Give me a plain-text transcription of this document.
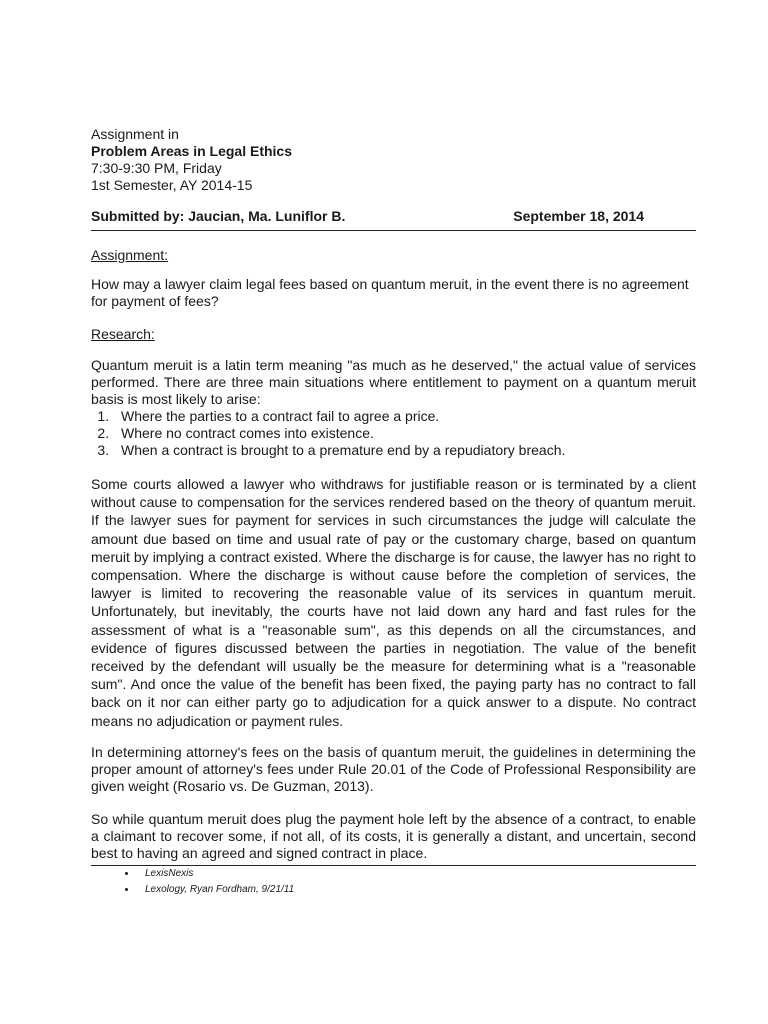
Assignment in
Problem Areas in Legal Ethics
7:30-9:30 PM, Friday
1st Semester, AY 2014-15
Submitted by: Jaucian, Ma. Luniflor B.	September 18, 2014
Assignment:

How may a lawyer claim legal fees based on quantum meruit, in the event there is no agreement for payment of fees?

Research:

Quantum meruit is a latin term meaning "as much as he deserved," the actual value of services performed. There are three main situations where entitlement to payment on a quantum meruit basis is most likely to arise:

1. Where the parties to a contract fail to agree a price.
2. Where no contract comes into existence.
3. When a contract is brought to a premature end by a repudiatory breach.

Some courts allowed a lawyer who withdraws for justifiable reason or is terminated by a client without cause to compensation for the services rendered based on the theory of quantum meruit. If the lawyer sues for payment for services in such circumstances the judge will calculate the amount due based on time and usual rate of pay or the customary charge, based on quantum meruit by implying a contract existed. Where the discharge is for cause, the lawyer has no right to compensation. Where the discharge is without cause before the completion of services, the lawyer is limited to recovering the reasonable value of its services in quantum meruit. Unfortunately, but inevitably, the courts have not laid down any hard and fast rules for the assessment of what is a "reasonable sum", as this depends on all the circumstances, and evidence of figures discussed between the parties in negotiation. The value of the benefit received by the defendant will usually be the measure for determining what is a "reasonable sum". And once the value of the benefit has been fixed, the paying party has no contract to fall back on it nor can either party go to adjudication for a quick answer to a dispute. No contract means no adjudication or payment rules.

In determining attorney's fees on the basis of quantum meruit, the guidelines in determining the proper amount of attorney's fees under Rule 20.01 of the Code of Professional Responsibility are given weight (Rosario vs. De Guzman, 2013).

So while quantum meruit does plug the payment hole left by the absence of a contract, to enable a claimant to recover some, if not all, of its costs, it is generally a distant, and uncertain, second best to having an agreed and signed contract in place.

• LexisNexis
• Lexology, Ryan Fordham, 9/21/11
